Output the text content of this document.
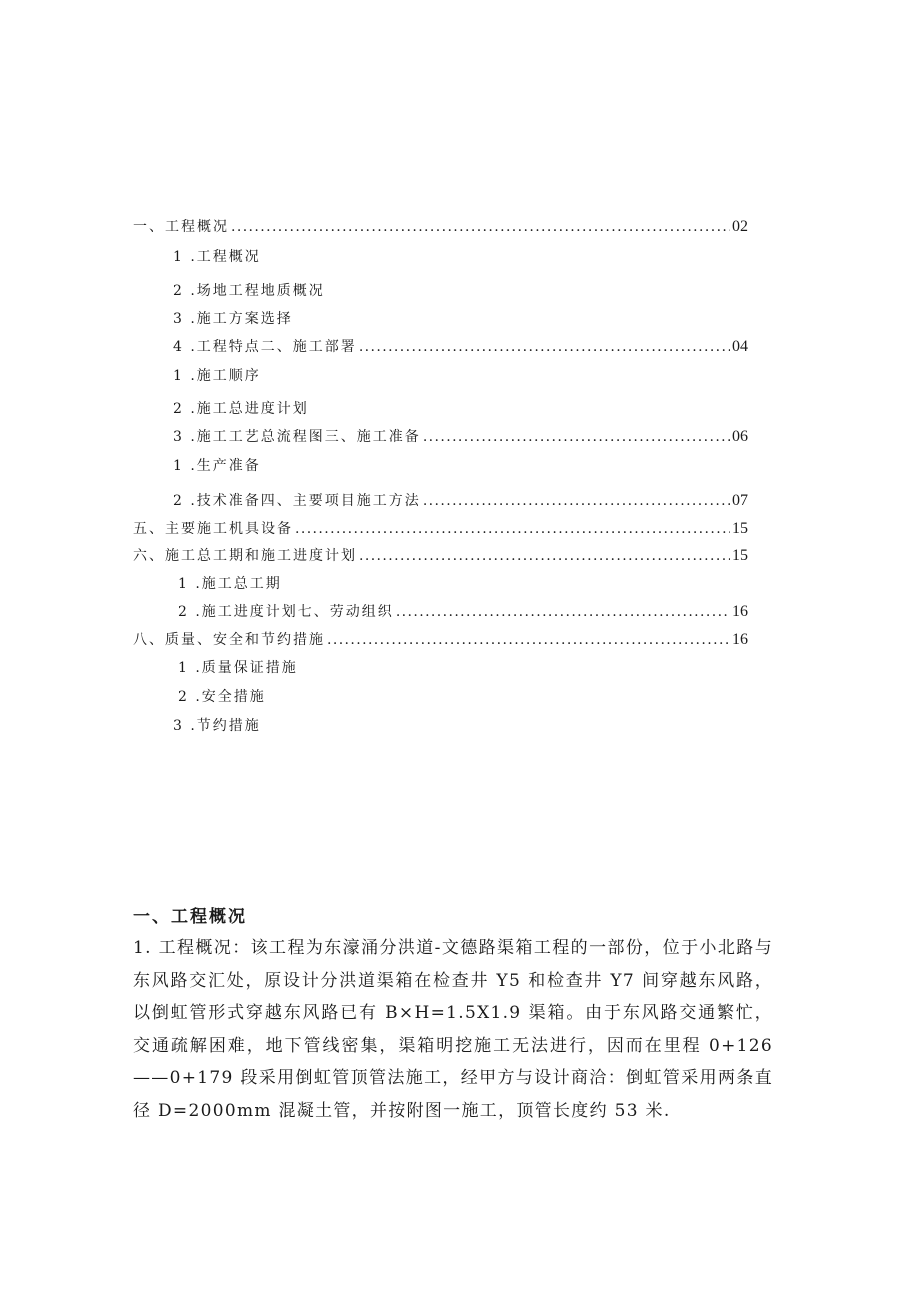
一、工程概况 .....	02
1 .工程概况
2 .场地工程地质概况
3 .施工方案选择
4 .工程特点二、施工部署 .....	04
1 .施工顺序
2 .施工总进度计划
3 .施工工艺总流程图三、施工准备 .....	06
1 .生产准备
2 .技术准备四、主要项目施工方法 .....	07
五、主要施工机具设备 .....	15
六、施工总工期和施工进度计划 .....	15
1 .施工总工期
2 .施工进度计划七、劳动组织 .....	16
八、质量、安全和节约措施 .....	16
1 .质量保证措施
2 .安全措施
3 .节约措施
一、工程概况

1. 工程概况：该工程为东濠涌分洪道-文德路渠箱工程的一部份，位于小北路与东风路交汇处，原设计分洪道渠箱在检查井 Y5 和检查井 Y7 间穿越东风路，以倒虹管形式穿越东风路已有 B×H=1.5X1.9 渠箱。由于东风路交通繁忙，交通疏解困难，地下管线密集，渠箱明挖施工无法进行，因而在里程 0+126——0+179 段采用倒虹管顶管法施工，经甲方与设计商洽：倒虹管采用两条直径 D=2000mm 混凝土管，并按附图一施工，顶管长度约 53 米.
